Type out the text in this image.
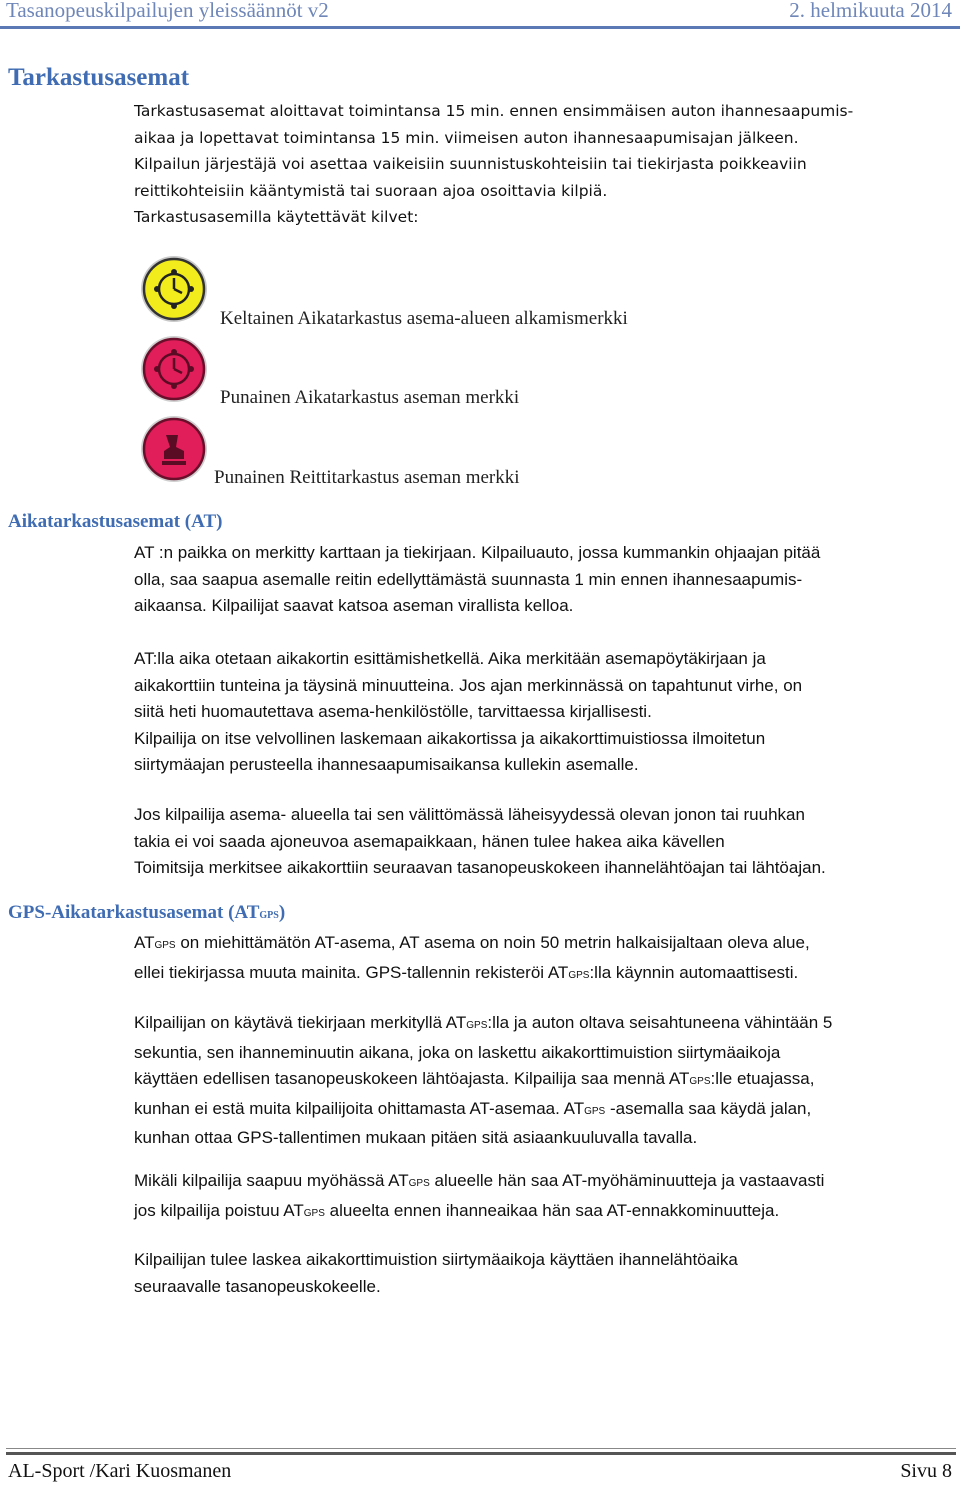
Tasanopeuskilpailujen yleissäännöt v2	2. helmikuuta 2014
Tarkastusasemat
Tarkastusasemat aloittavat toimintansa 15 min. ennen ensimmäisen auton ihannesaapumis-
aikaa ja lopettavat toimintansa 15 min. viimeisen auton ihannesaapumisajan jälkeen.
Kilpailun järjestäjä voi asettaa vaikeisiin suunnistuskohteisiin tai tiekirjasta poikkeaviin
reittikohteisiin kääntymistä tai suoraan ajoa osoittavia kilpiä.
Tarkastusasemilla käytettävät kilvet:
Keltainen Aikatarkastus asema-alueen alkamismerkki
Punainen Aikatarkastus aseman merkki
Punainen Reittitarkastus aseman merkki
Aikatarkastusasemat (AT)
AT :n paikka on merkitty karttaan ja tiekirjaan. Kilpailuauto, jossa kummankin ohjaajan pitää
olla, saa saapua asemalle reitin edellyttämästä suunnasta 1 min ennen ihannesaapumis-
aikaansa. Kilpailijat saavat katsoa aseman virallista kelloa.
AT:lla aika otetaan aikakortin esittämishetkellä. Aika merkitään asemapöytäkirjaan ja
aikakorttiin tunteina ja täysinä minuutteina. Jos ajan merkinnässä on tapahtunut virhe, on
siitä heti huomautettava asema-henkilöstölle, tarvittaessa kirjallisesti.
Kilpailija on itse velvollinen laskemaan aikakortissa ja aikakorttimuistiossa ilmoitetun
siirtymäajan perusteella ihannesaapumisaikansa kullekin asemalle.
Jos kilpailija asema- alueella tai sen välittömässä läheisyydessä olevan jonon tai ruuhkan
takia ei voi saada ajoneuvoa asemapaikkaan, hänen tulee hakea aika kävellen
Toimitsija merkitsee aikakorttiin seuraavan tasanopeuskokeen ihannelähtöajan tai lähtöajan.
GPS-Aikatarkastusasemat (ATGPS)
ATGPS on miehittämätön AT-asema, AT asema on noin 50 metrin halkaisijaltaan oleva alue,
ellei tiekirjassa muuta mainita. GPS-tallennin rekisteröi ATGPS:lla käynnin automaattisesti.
Kilpailijan on käytävä tiekirjaan merkityllä ATGPS:lla ja auton oltava seisahtuneena vähintään 5
sekuntia, sen ihanneminuutin aikana, joka on laskettu aikakorttimuistion siirtymäaikoja
käyttäen edellisen tasanopeuskokeen lähtöajasta. Kilpailija saa mennä ATGPS:lle etuajassa,
kunhan ei estä muita kilpailijoita ohittamasta AT-asemaa. ATGPS -asemalla saa käydä jalan,
kunhan ottaa GPS-tallentimen mukaan pitäen sitä asiaankuuluvalla tavalla.
Mikäli kilpailija saapuu myöhässä ATGPS alueelle hän saa AT-myöhäminuutteja ja vastaavasti
jos kilpailija poistuu ATGPS alueelta ennen ihanneaikaa hän saa AT-ennakkominuutteja.
Kilpailijan tulee laskea aikakorttimuistion siirtymäaikoja käyttäen ihannelähtöaika
seuraavalle tasanopeuskokeelle.
AL-Sport /Kari Kuosmanen	Sivu 8
